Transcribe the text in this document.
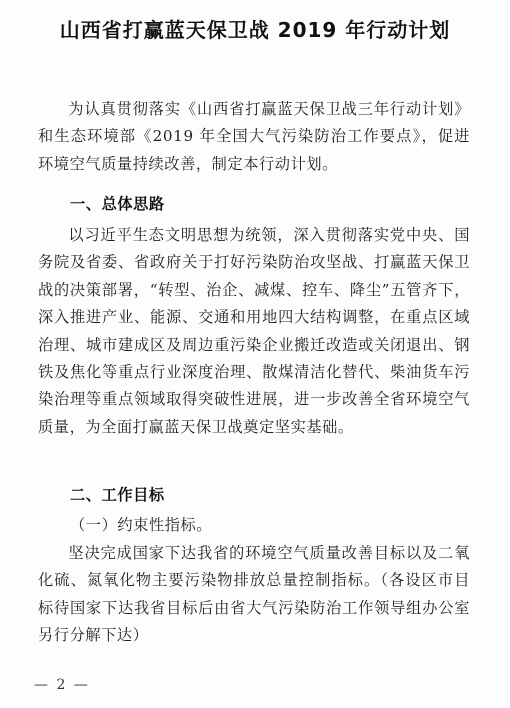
山西省打赢蓝天保卫战 2019 年行动计划
为认真贯彻落实《山西省打赢蓝天保卫战三年行动计划》和生态环境部《2019 年全国大气污染防治工作要点》，促进环境空气质量持续改善，制定本行动计划。
一、总体思路
以习近平生态文明思想为统领，深入贯彻落实党中央、国务院及省委、省政府关于打好污染防治攻坚战、打赢蓝天保卫战的决策部署，“转型、治企、减煤、控车、降尘”五管齐下，深入推进产业、能源、交通和用地四大结构调整，在重点区域治理、城市建成区及周边重污染企业搬迁改造或关闭退出、钢铁及焦化等重点行业深度治理、散煤清洁化替代、柴油货车污染治理等重点领域取得突破性进展，进一步改善全省环境空气质量，为全面打赢蓝天保卫战奠定坚实基础。
二、工作目标
（一）约束性指标。
坚决完成国家下达我省的环境空气质量改善目标以及二氧化硫、氮氧化物主要污染物排放总量控制指标。（各设区市目标待国家下达我省目标后由省大气污染防治工作领导组办公室另行分解下达）
— 2 —
